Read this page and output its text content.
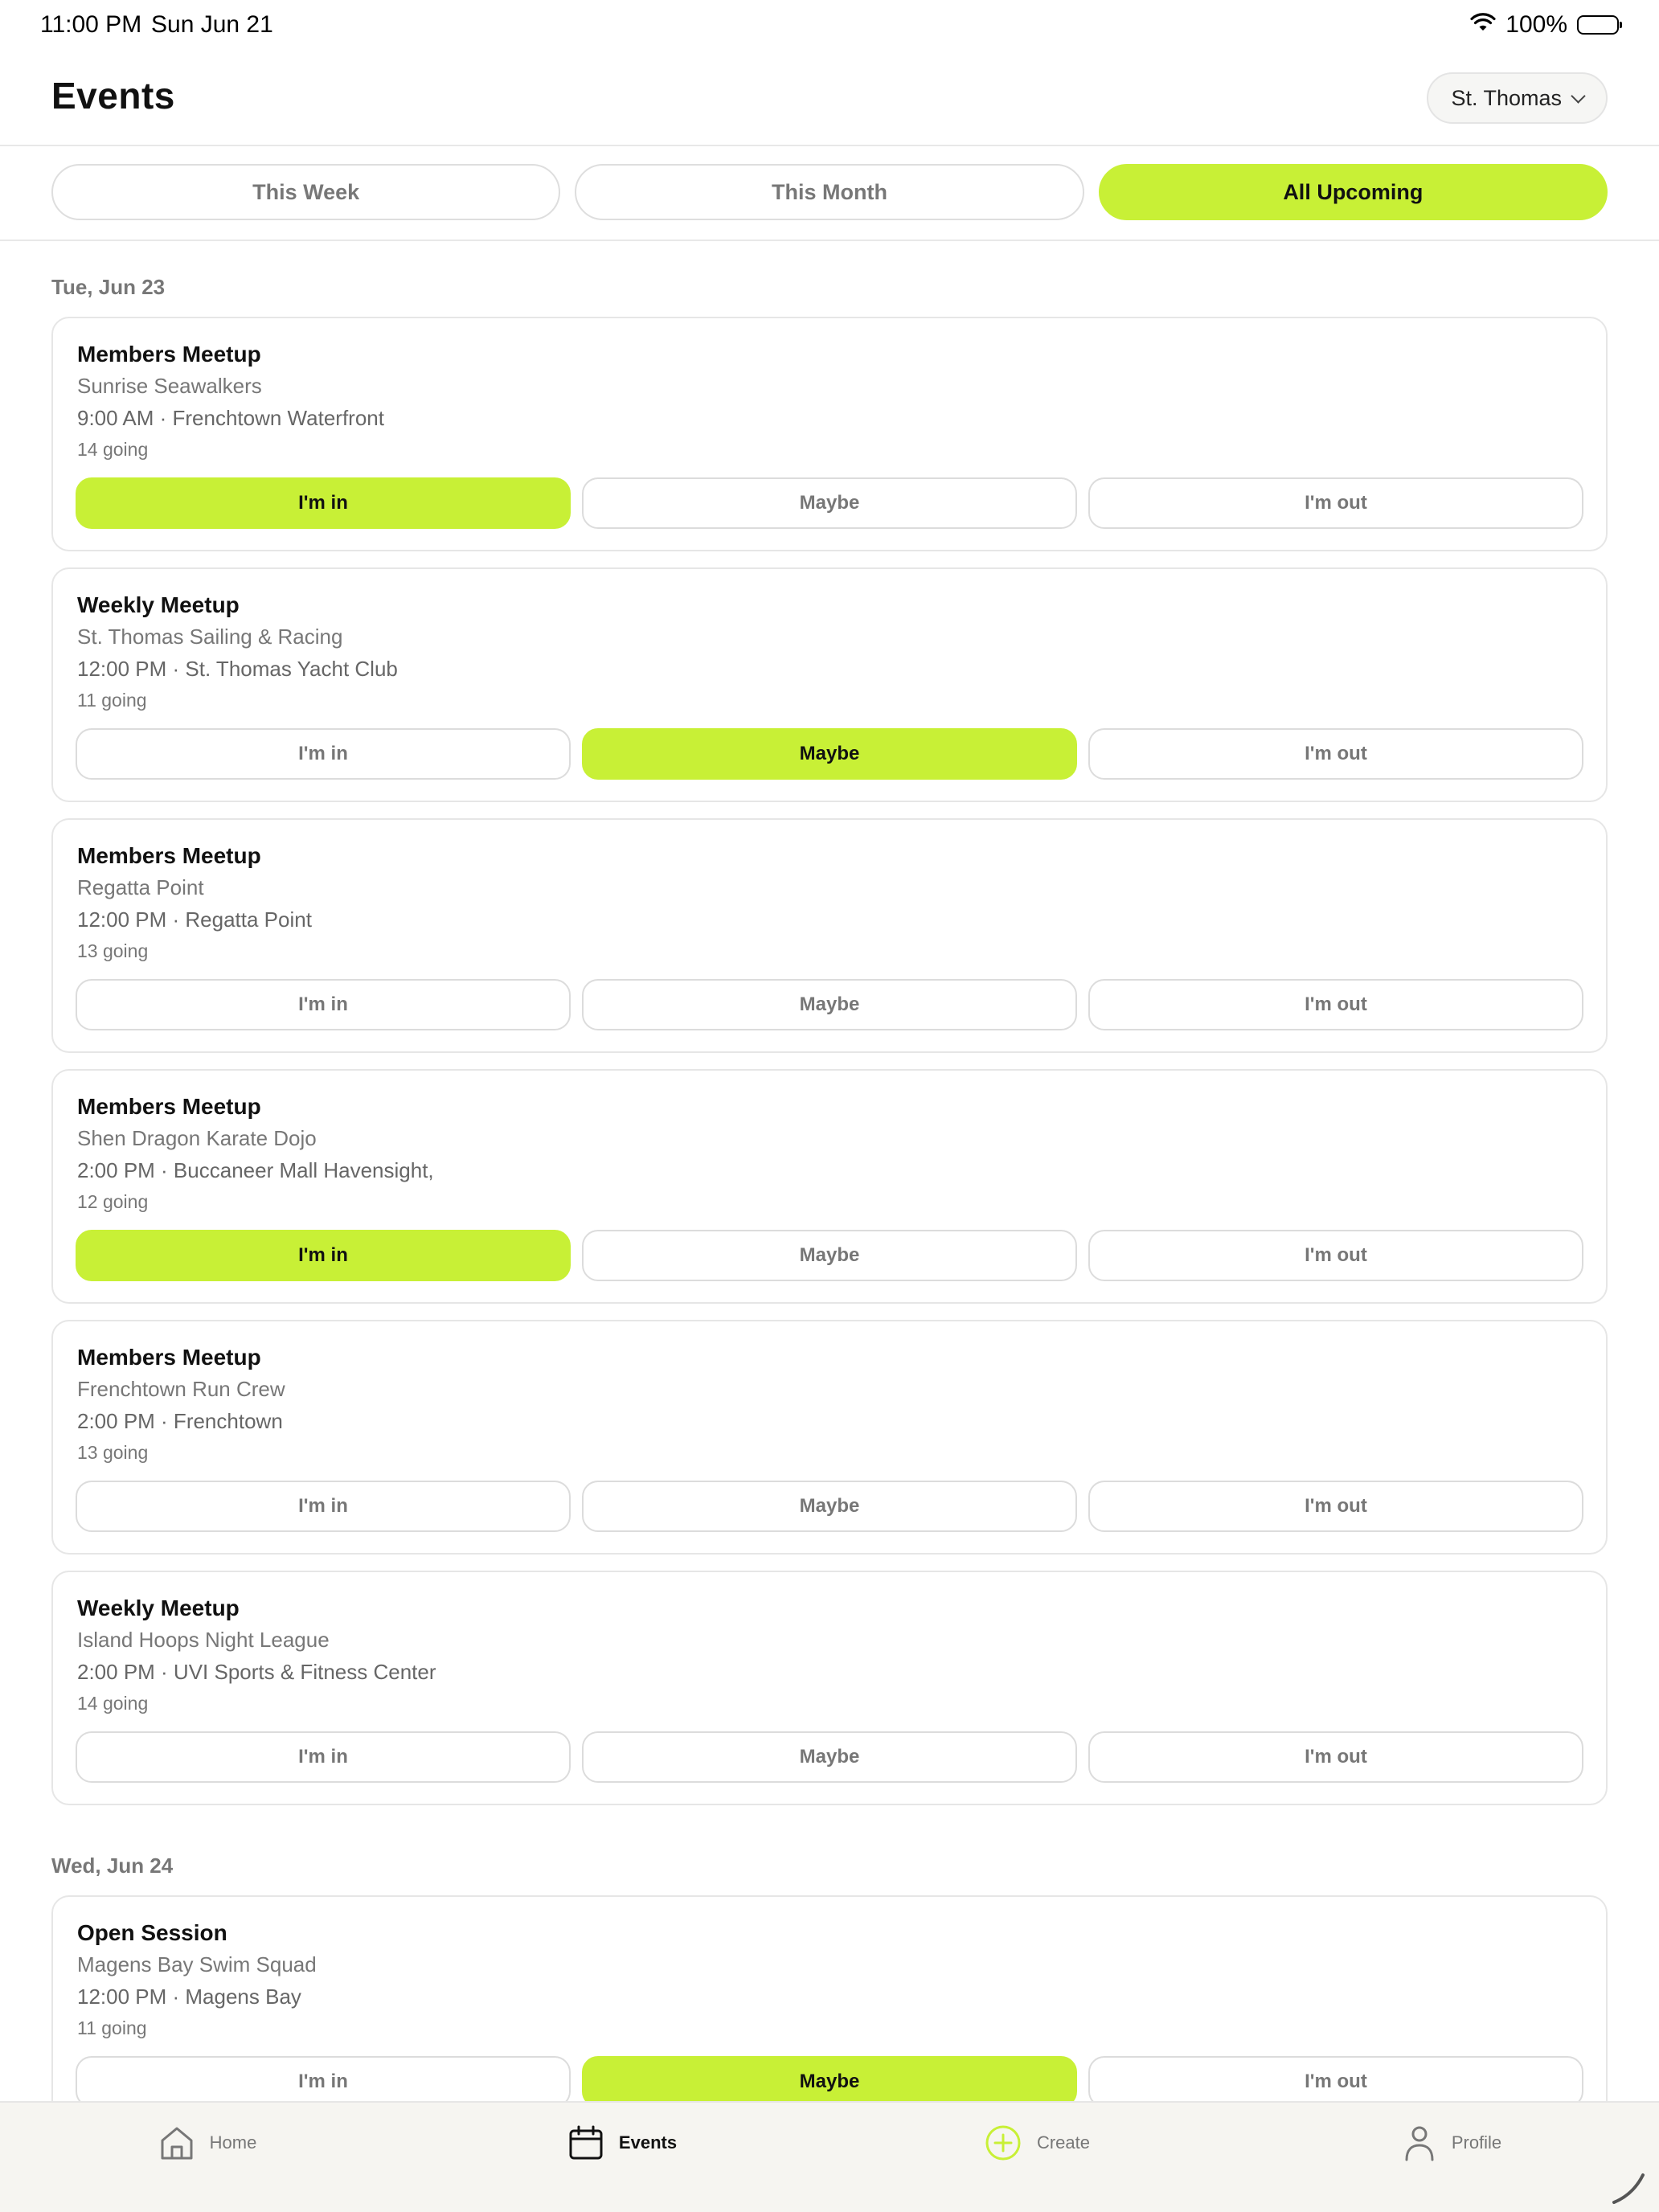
11:00 PM Sun Jun 21	100%
Events	St. Thomas
This Week	This Month	All Upcoming
Tue, Jun 23
Members Meetup
Sunrise Seawalkers
9:00 AM · Frenchtown Waterfront
14 going
I'm in	Maybe	I'm out
Weekly Meetup
St. Thomas Sailing & Racing
12:00 PM · St. Thomas Yacht Club
11 going
I'm in	Maybe	I'm out
Members Meetup
Regatta Point
12:00 PM · Regatta Point
13 going
I'm in	Maybe	I'm out
Members Meetup
Shen Dragon Karate Dojo
2:00 PM · Buccaneer Mall Havensight,
12 going
I'm in	Maybe	I'm out
Members Meetup
Frenchtown Run Crew
2:00 PM · Frenchtown
13 going
I'm in	Maybe	I'm out
Weekly Meetup
Island Hoops Night League
2:00 PM · UVI Sports & Fitness Center
14 going
I'm in	Maybe	I'm out
Wed, Jun 24
Open Session
Magens Bay Swim Squad
12:00 PM · Magens Bay
11 going
I'm in	Maybe	I'm out
Home	Events	Create	Profile
